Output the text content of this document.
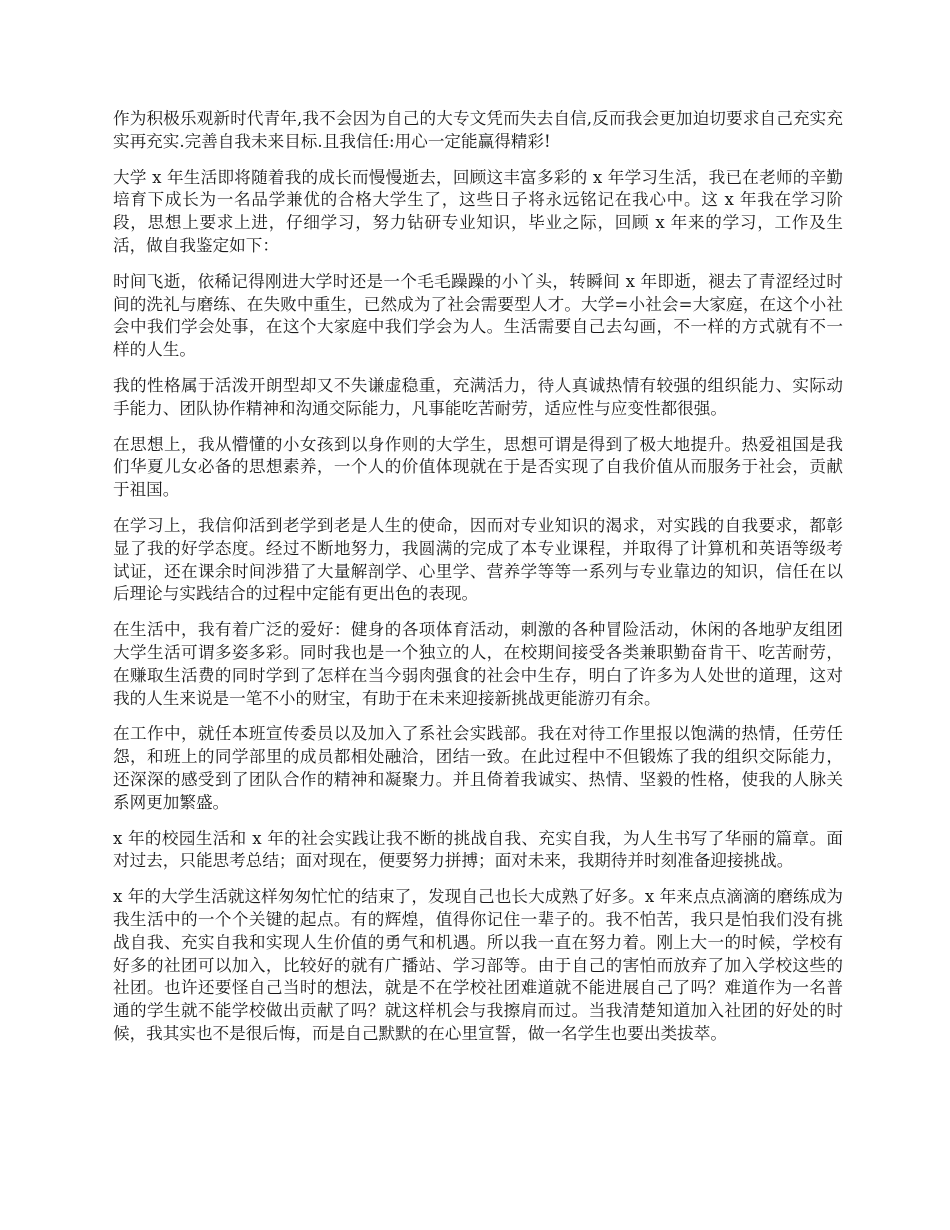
作为积极乐观新时代青年,我不会因为自己的大专文凭而失去自信,反而我会更加迫切要求自己充实充实再充实.完善自我未来目标.且我信任:用心一定能赢得精彩!

大学 x 年生活即将随着我的成长而慢慢逝去，回顾这丰富多彩的 x 年学习生活，我已在老师的辛勤培育下成长为一名品学兼优的合格大学生了，这些日子将永远铭记在我心中。这 x 年我在学习阶段，思想上要求上进，仔细学习，努力钻研专业知识，毕业之际，回顾 x 年来的学习，工作及生活，做自我鉴定如下：

时间飞逝，依稀记得刚进大学时还是一个毛毛躁躁的小丫头，转瞬间 x 年即逝，褪去了青涩经过时间的洗礼与磨练、在失败中重生，已然成为了社会需要型人才。大学=小社会=大家庭，在这个小社会中我们学会处事，在这个大家庭中我们学会为人。生活需要自己去勾画，不一样的方式就有不一样的人生。

我的性格属于活泼开朗型却又不失谦虚稳重，充满活力，待人真诚热情有较强的组织能力、实际动手能力、团队协作精神和沟通交际能力，凡事能吃苦耐劳，适应性与应变性都很强。

在思想上，我从懵懂的小女孩到以身作则的大学生，思想可谓是得到了极大地提升。热爱祖国是我们华夏儿女必备的思想素养，一个人的价值体现就在于是否实现了自我价值从而服务于社会，贡献于祖国。

在学习上，我信仰活到老学到老是人生的使命，因而对专业知识的渴求，对实践的自我要求，都彰显了我的好学态度。经过不断地努力，我圆满的完成了本专业课程，并取得了计算机和英语等级考试证，还在课余时间涉猎了大量解剖学、心里学、营养学等等一系列与专业靠边的知识，信任在以后理论与实践结合的过程中定能有更出色的表现。

在生活中，我有着广泛的爱好：健身的各项体育活动，刺激的各种冒险活动，休闲的各地驴友组团大学生活可谓多姿多彩。同时我也是一个独立的人，在校期间接受各类兼职勤奋肯干、吃苦耐劳，在赚取生活费的同时学到了怎样在当今弱肉强食的社会中生存，明白了许多为人处世的道理，这对我的人生来说是一笔不小的财宝，有助于在未来迎接新挑战更能游刃有余。

在工作中，就任本班宣传委员以及加入了系社会实践部。我在对待工作里报以饱满的热情，任劳任怨，和班上的同学部里的成员都相处融洽，团结一致。在此过程中不但锻炼了我的组织交际能力，还深深的感受到了团队合作的精神和凝聚力。并且倚着我诚实、热情、坚毅的性格，使我的人脉关系网更加繁盛。

x 年的校园生活和 x 年的社会实践让我不断的挑战自我、充实自我，为人生书写了华丽的篇章。面对过去，只能思考总结；面对现在，便要努力拼搏；面对未来，我期待并时刻准备迎接挑战。

x 年的大学生活就这样匆匆忙忙的结束了，发现自己也长大成熟了好多。x 年来点点滴滴的磨练成为我生活中的一个个关键的起点。有的辉煌，值得你记住一辈子的。我不怕苦，我只是怕我们没有挑战自我、充实自我和实现人生价值的勇气和机遇。所以我一直在努力着。刚上大一的时候，学校有好多的社团可以加入，比较好的就有广播站、学习部等。由于自己的害怕而放弃了加入学校这些的社团。也许还要怪自己当时的想法，就是不在学校社团难道就不能进展自己了吗？难道作为一名普通的学生就不能学校做出贡献了吗？就这样机会与我擦肩而过。当我清楚知道加入社团的好处的时候，我其实也不是很后悔，而是自己默默的在心里宣誓，做一名学生也要出类拔萃。
